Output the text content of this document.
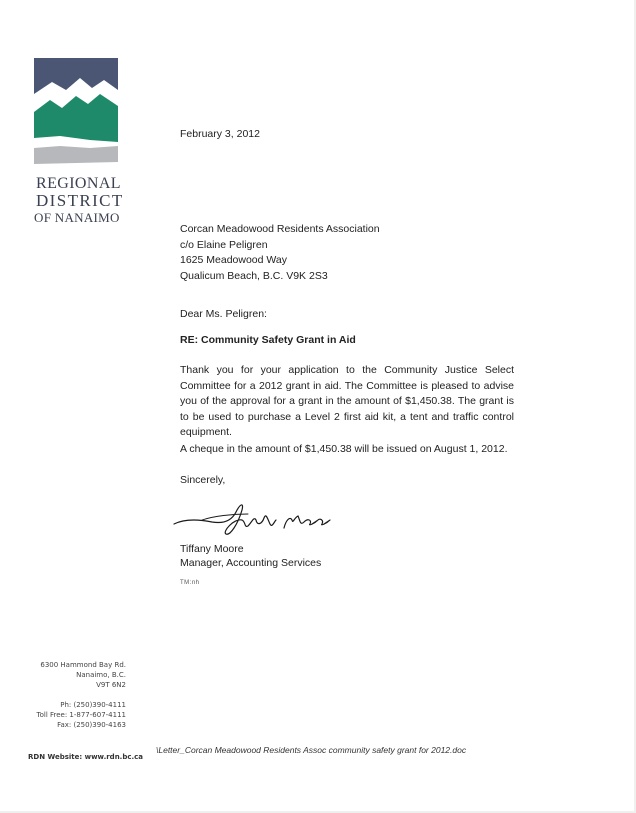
REGIONAL
DISTRICT
OF NANAIMO
February 3, 2012
Corcan Meadowood Residents Association
c/o Elaine Peligren
1625 Meadowood Way
Qualicum Beach, B.C. V9K 2S3
Dear Ms. Peligren:
RE: Community Safety Grant in Aid
Thank you for your application to the Community Justice Select Committee for a 2012 grant in aid. The Committee is pleased to advise you of the approval for a grant in the amount of $1,450.38. The grant is to be used to purchase a Level 2 first aid kit, a tent and traffic control equipment.
A cheque in the amount of $1,450.38 will be issued on August 1, 2012.
Sincerely,
Tiffany Moore
Manager, Accounting Services
TM:nh
\Letter_Corcan Meadowood Residents Assoc community safety grant for 2012.doc
6300 Hammond Bay Rd.
Nanaimo, B.C.
V9T 6N2
Ph: (250)390-4111
Toll Free: 1-877-607-4111
Fax: (250)390-4163
RDN Website: www.rdn.bc.ca
